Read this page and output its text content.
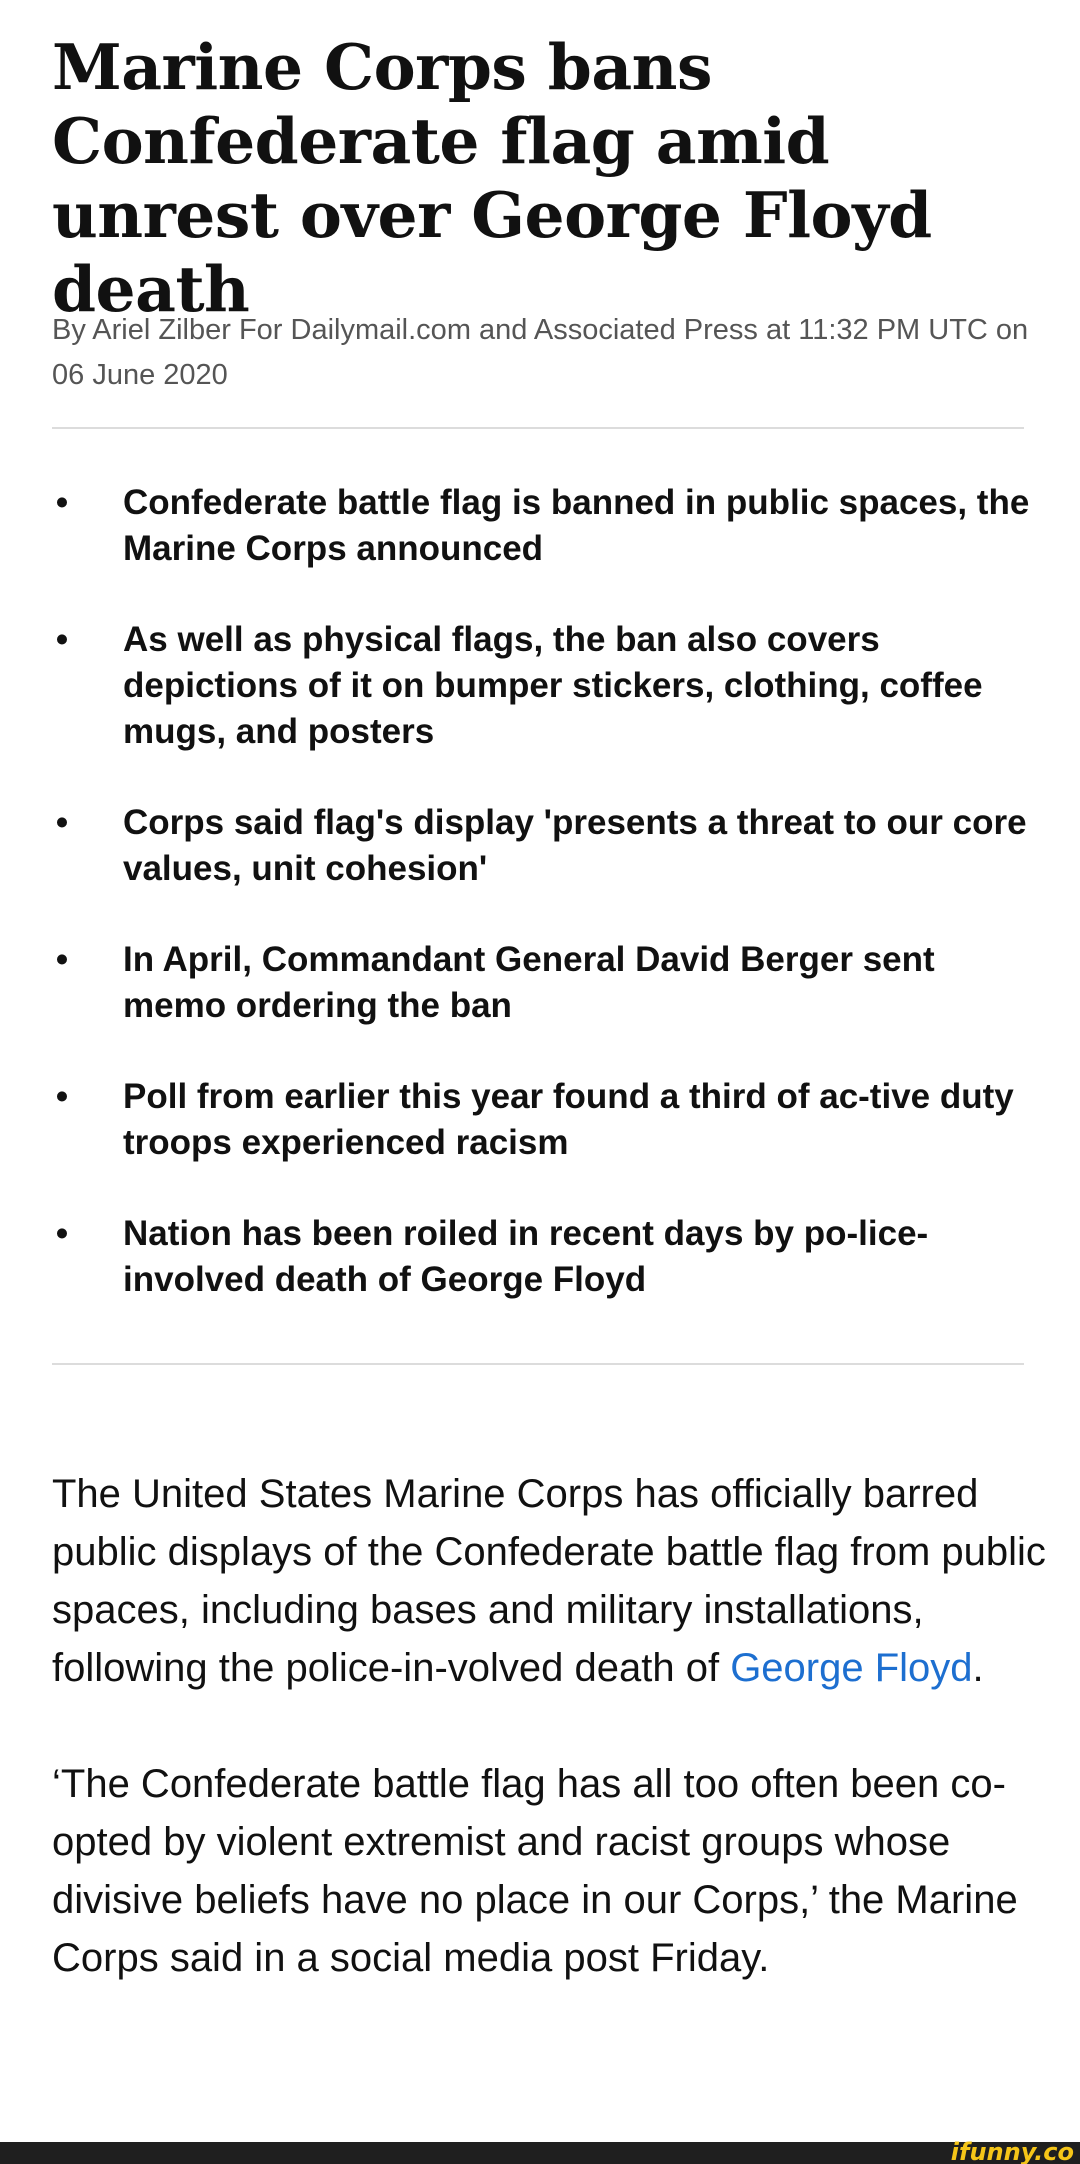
Marine Corps bans Confederate flag amid unrest over George Floyd death

By Ariel Zilber For Dailymail.com and Associated Press at 11:32 PM UTC on 06 June 2020

• Confederate battle flag is banned in public spaces, the Marine Corps announced
• As well as physical flags, the ban also covers depictions of it on bumper stickers, clothing, coffee mugs, and posters
• Corps said flag's display 'presents a threat to our core values, unit cohesion'
• In April, Commandant General David Berger sent memo ordering the ban
• Poll from earlier this year found a third of ac-tive duty troops experienced racism
• Nation has been roiled in recent days by po-lice-involved death of George Floyd

The United States Marine Corps has officially barred public displays of the Confederate battle flag from public spaces, including bases and military installations, following the police-in-volved death of George Floyd.

‘The Confederate battle flag has all too often been co-opted by violent extremist and racist groups whose divisive beliefs have no place in our Corps,’ the Marine Corps said in a social media post Friday.

ifunny.co
